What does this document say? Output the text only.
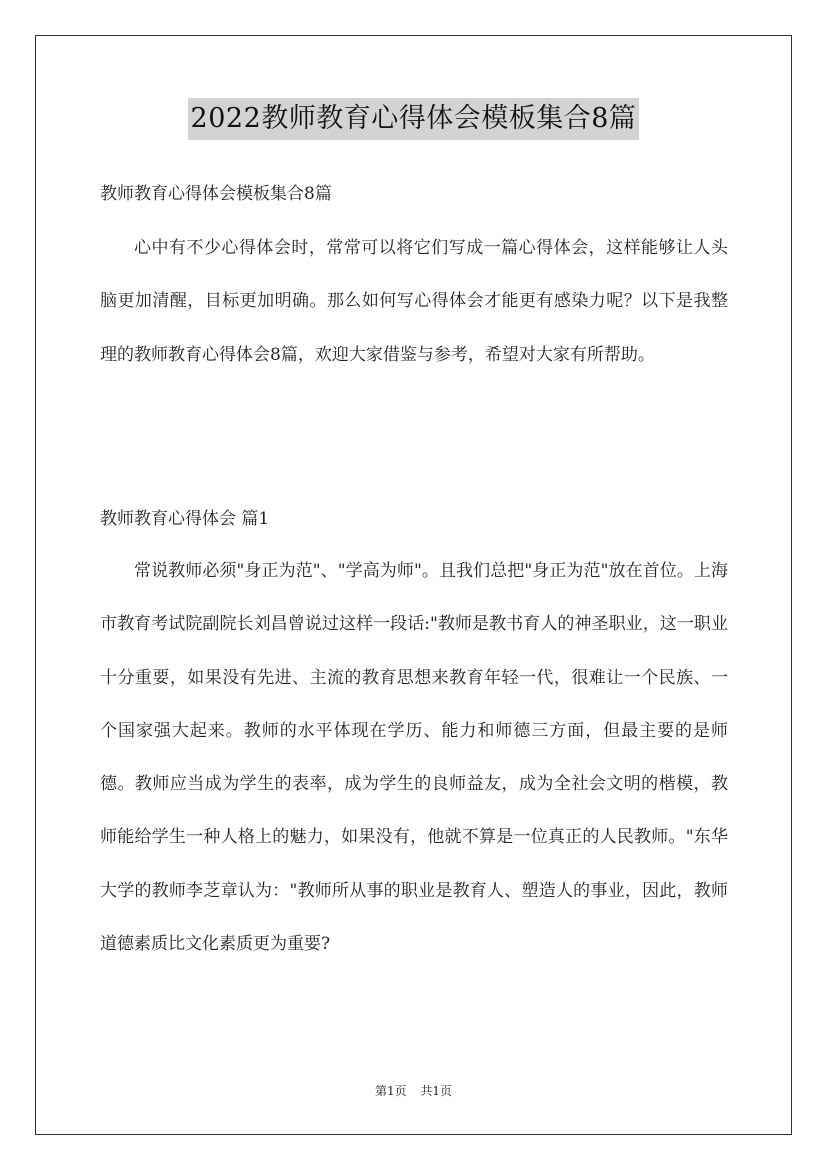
2022教师教育心得体会模板集合8篇
教师教育心得体会模板集合8篇

心中有不少心得体会时，常常可以将它们写成一篇心得体会，这样能够让人头脑更加清醒，目标更加明确。那么如何写心得体会才能更有感染力呢？以下是我整理的教师教育心得体会8篇，欢迎大家借鉴与参考，希望对大家有所帮助。

教师教育心得体会 篇1

常说教师必须"身正为范"、"学高为师"。且我们总把"身正为范"放在首位。上海市教育考试院副院长刘昌曾说过这样一段话:"教师是教书育人的神圣职业，这一职业十分重要，如果没有先进、主流的教育思想来教育年轻一代，很难让一个民族、一个国家强大起来。教师的水平体现在学历、能力和师德三方面，但最主要的是师德。教师应当成为学生的表率，成为学生的良师益友，成为全社会文明的楷模，教师能给学生一种人格上的魅力，如果没有，他就不算是一位真正的人民教师。"东华大学的教师李芝章认为："教师所从事的职业是教育人、塑造人的事业，因此，教师道德素质比文化素质更为重要?

第1页 共1页
